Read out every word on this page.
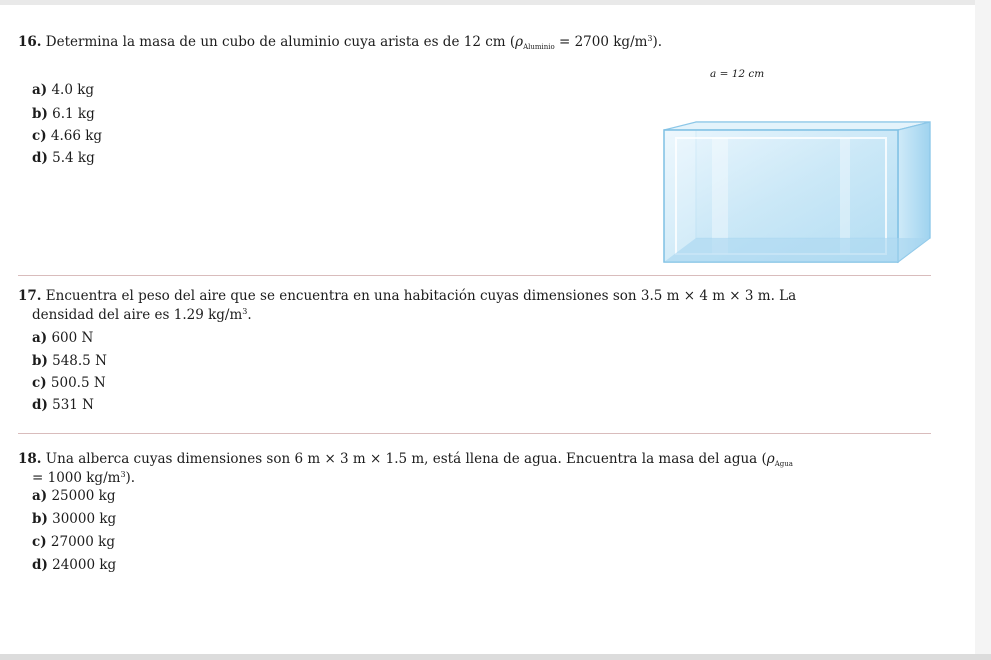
16. Determina la masa de un cubo de aluminio cuya arista es de 12 cm ($\rho_{Aluminio} = 2700$ $kg/m^3$).
a) 4.0 kg
b) 6.1 kg
c) 4.66 kg
d) 5.4 kg
a = 12 cm
17. Encuentra el peso del aire que se encuentra en una habitación cuyas dimensiones son 3.5 m × 4 m × 3 m. La
densidad del aire es 1.29 $kg/m^3$.
a) 600 N
b) 548.5 N
c) 500.5 N
d) 531 N
18. Una alberca cuyas dimensiones son 6 m × 3 m × 1.5 m, está llena de agua. Encuentra la masa del agua ($\rho_{Agua}$
= 1000 $kg/m^3$).
a) 25000 kg
b) 30000 kg
c) 27000 kg
d) 24000 kg
